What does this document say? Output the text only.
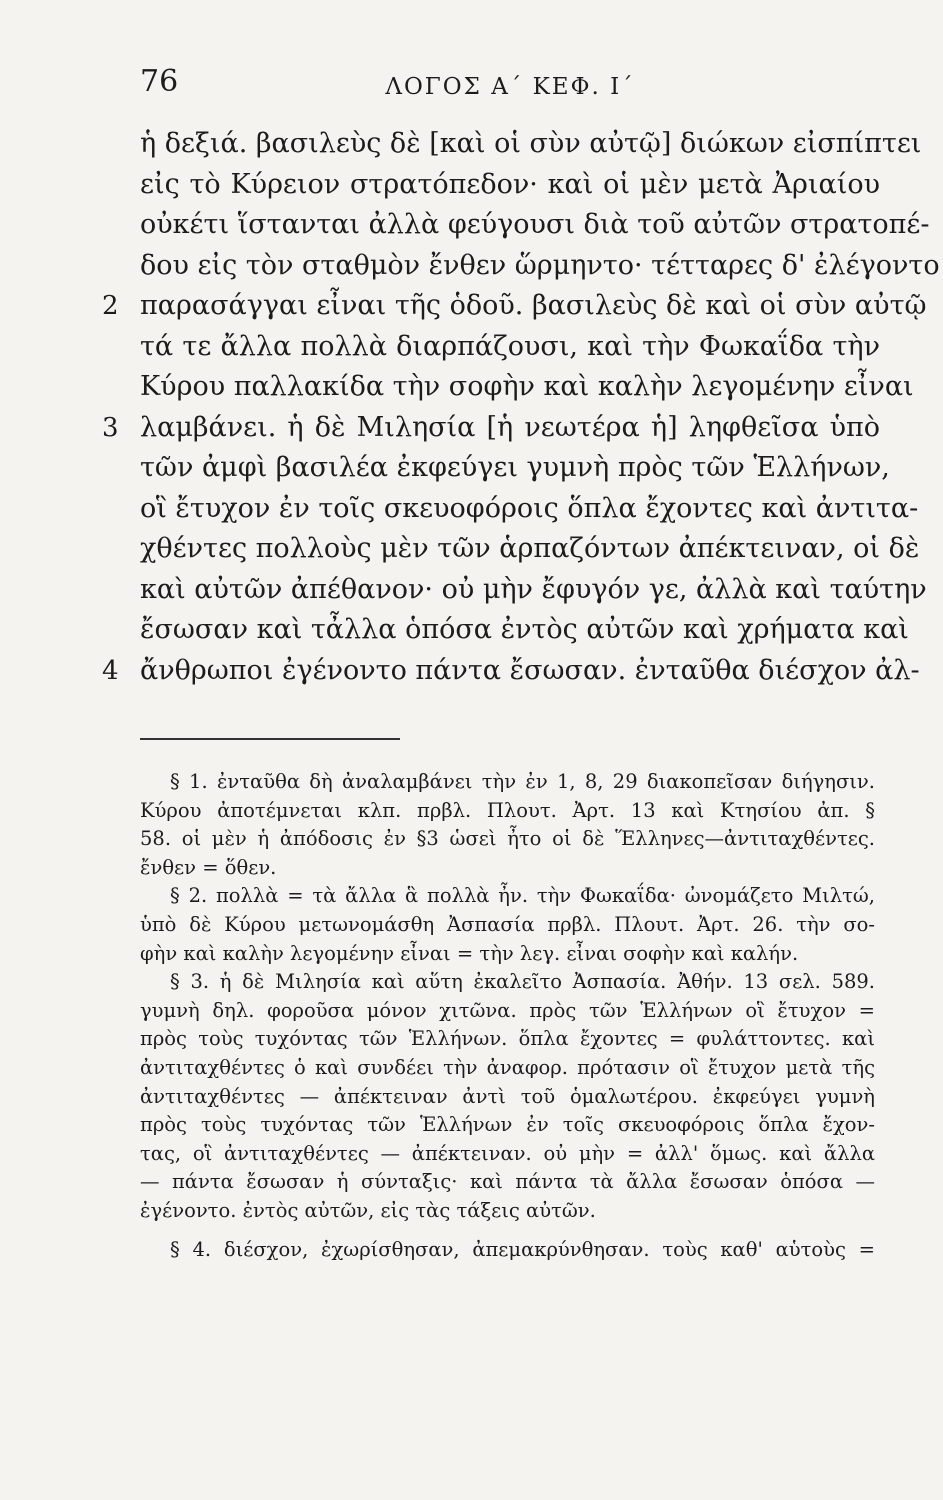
76	ΛΟΓΟΣ Α΄ ΚΕΦ. Ι΄
ἡ δεξιά. βασιλεὺς δὲ [καὶ οἱ σὺν αὐτῷ] διώκων εἰσπίπτει
εἰς τὸ Κύρειον στρατόπεδον· καὶ οἱ μὲν μετὰ Ἀριαίου
οὐκέτι ἵστανται ἀλλὰ φεύγουσι διὰ τοῦ αὐτῶν στρατοπέ-
δου εἰς τὸν σταθμὸν ἔνθεν ὥρμηντο· τέτταρες δ' ἐλέγοντο
2 παρασάγγαι εἶναι τῆς ὁδοῦ. βασιλεὺς δὲ καὶ οἱ σὺν αὐτῷ
τά τε ἄλλα πολλὰ διαρπάζουσι, καὶ τὴν Φωκαΐδα τὴν
Κύρου παλλακίδα τὴν σοφὴν καὶ καλὴν λεγομένην εἶναι
3 λαμβάνει. ἡ δὲ Μιλησία [ἡ νεωτέρα ἡ] ληφθεῖσα ὑπὸ
τῶν ἀμφὶ βασιλέα ἐκφεύγει γυμνὴ πρὸς τῶν Ἑλλήνων,
οἳ ἔτυχον ἐν τοῖς σκευοφόροις ὅπλα ἔχοντες καὶ ἀντιτα-
χθέντες πολλοὺς μὲν τῶν ἁρπαζόντων ἀπέκτειναν, οἱ δὲ
καὶ αὐτῶν ἀπέθανον· οὐ μὴν ἔφυγόν γε, ἀλλὰ καὶ ταύτην
ἔσωσαν καὶ τἆλλα ὁπόσα ἐντὸς αὐτῶν καὶ χρήματα καὶ
4 ἄνθρωποι ἐγένοντο πάντα ἔσωσαν. ἐνταῦθα διέσχον ἀλ-
§ 1. ἐνταῦθα δὴ ἀναλαμβάνει τὴν ἐν 1, 8, 29 διακοπεῖσαν διήγησιν.
Κύρου ἀποτέμνεται κλπ. πρβλ. Πλουτ. Ἀρτ. 13 καὶ Κτησίου ἀπ. §
58. οἱ μὲν ἡ ἀπόδοσις ἐν §3 ὡσεὶ ἦτο οἱ δὲ Ἕλληνες—ἀντιταχθέντες.
ἔνθεν = ὅθεν.
§ 2. πολλὰ = τὰ ἄλλα ἃ πολλὰ ἦν. τὴν Φωκαΐδα· ὠνομάζετο Μιλτώ,
ὑπὸ δὲ Κύρου μετωνομάσθη Ἀσπασία πρβλ. Πλουτ. Ἀρτ. 26. τὴν σο-
φὴν καὶ καλὴν λεγομένην εἶναι = τὴν λεγ. εἶναι σοφὴν καὶ καλήν.
§ 3. ἡ δὲ Μιλησία καὶ αὕτη ἐκαλεῖτο Ἀσπασία. Ἀθήν. 13 σελ. 589.
γυμνὴ δηλ. φοροῦσα μόνον χιτῶνα. πρὸς τῶν Ἑλλήνων οἳ ἔτυχον =
πρὸς τοὺς τυχόντας τῶν Ἑλλήνων. ὅπλα ἔχοντες = φυλάττοντες. καὶ
ἀντιταχθέντες ὁ καὶ συνδέει τὴν ἀναφορ. πρότασιν οἳ ἔτυχον μετὰ τῆς
ἀντιταχθέντες — ἀπέκτειναν ἀντὶ τοῦ ὁμαλωτέρου. ἐκφεύγει γυμνὴ
πρὸς τοὺς τυχόντας τῶν Ἑλλήνων ἐν τοῖς σκευοφόροις ὅπλα ἔχον-
τας, οἳ ἀντιταχθέντες — ἀπέκτειναν. οὐ μὴν = ἀλλ' ὅμως. καὶ ἄλλα
— πάντα ἔσωσαν ἡ σύνταξις· καὶ πάντα τὰ ἄλλα ἔσωσαν ὁπόσα —
ἐγένοντο. ἐντὸς αὐτῶν, εἰς τὰς τάξεις αὐτῶν.
§ 4. διέσχον, ἐχωρίσθησαν, ἀπεμακρύνθησαν. τοὺς καθ' αὑτοὺς =
